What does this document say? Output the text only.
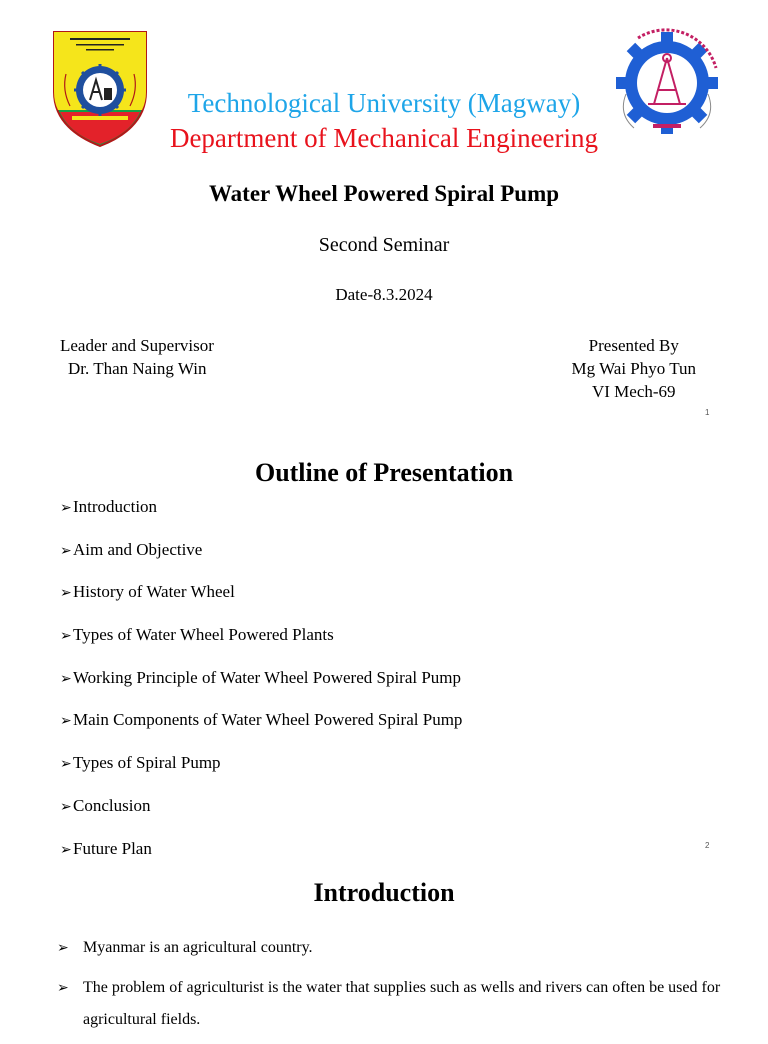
Technological University (Magway)
Department of Mechanical Engineering
Water Wheel Powered Spiral Pump
Second Seminar
Date-8.3.2024
Leader and Supervisor
Dr. Than Naing Win
Presented By
Mg Wai Phyo Tun
VI Mech-69
1
Outline of Presentation
➢Introduction
➢Aim and Objective
➢History of Water Wheel
➢Types of Water Wheel Powered Plants
➢Working Principle of Water Wheel Powered Spiral Pump
➢Main Components of Water Wheel Powered Spiral Pump
➢Types of Spiral Pump
➢Conclusion
➢Future Plan	2
Introduction
➢ Myanmar is an agricultural country.
➢ The problem of agriculturist is the water that supplies such as wells and rivers can often be used for agricultural fields.
